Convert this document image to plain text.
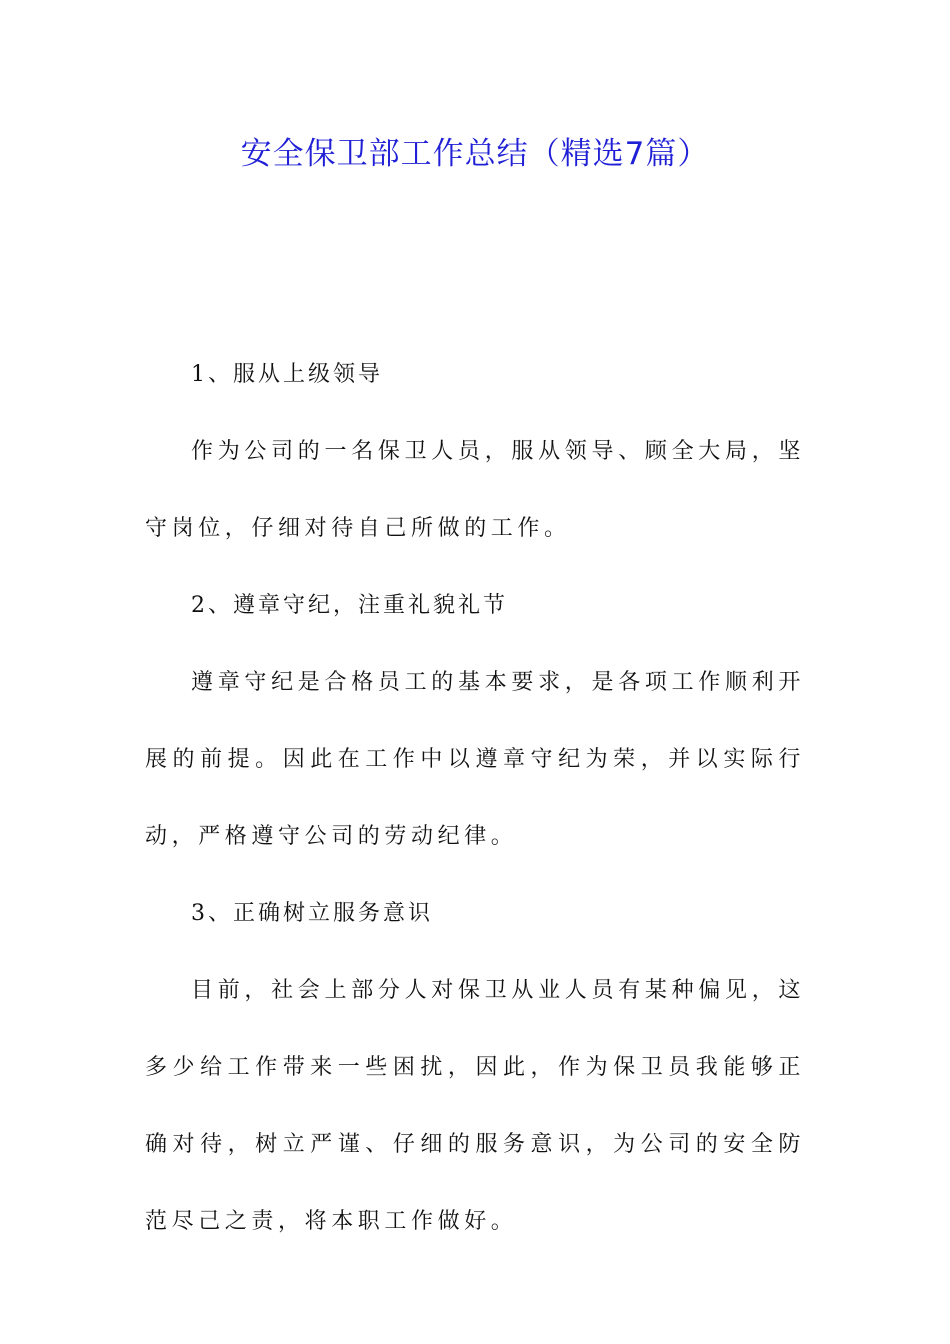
安全保卫部工作总结（精选7篇）

1、服从上级领导

作为公司的一名保卫人员，服从领导、顾全大局，坚守岗位，仔细对待自己所做的工作。

2、遵章守纪，注重礼貌礼节

遵章守纪是合格员工的基本要求，是各项工作顺利开展的前提。因此在工作中以遵章守纪为荣，并以实际行动，严格遵守公司的劳动纪律。

3、正确树立服务意识

目前，社会上部分人对保卫从业人员有某种偏见，这多少给工作带来一些困扰，因此，作为保卫员我能够正确对待，树立严谨、仔细的服务意识，为公司的安全防范尽己之责，将本职工作做好。
